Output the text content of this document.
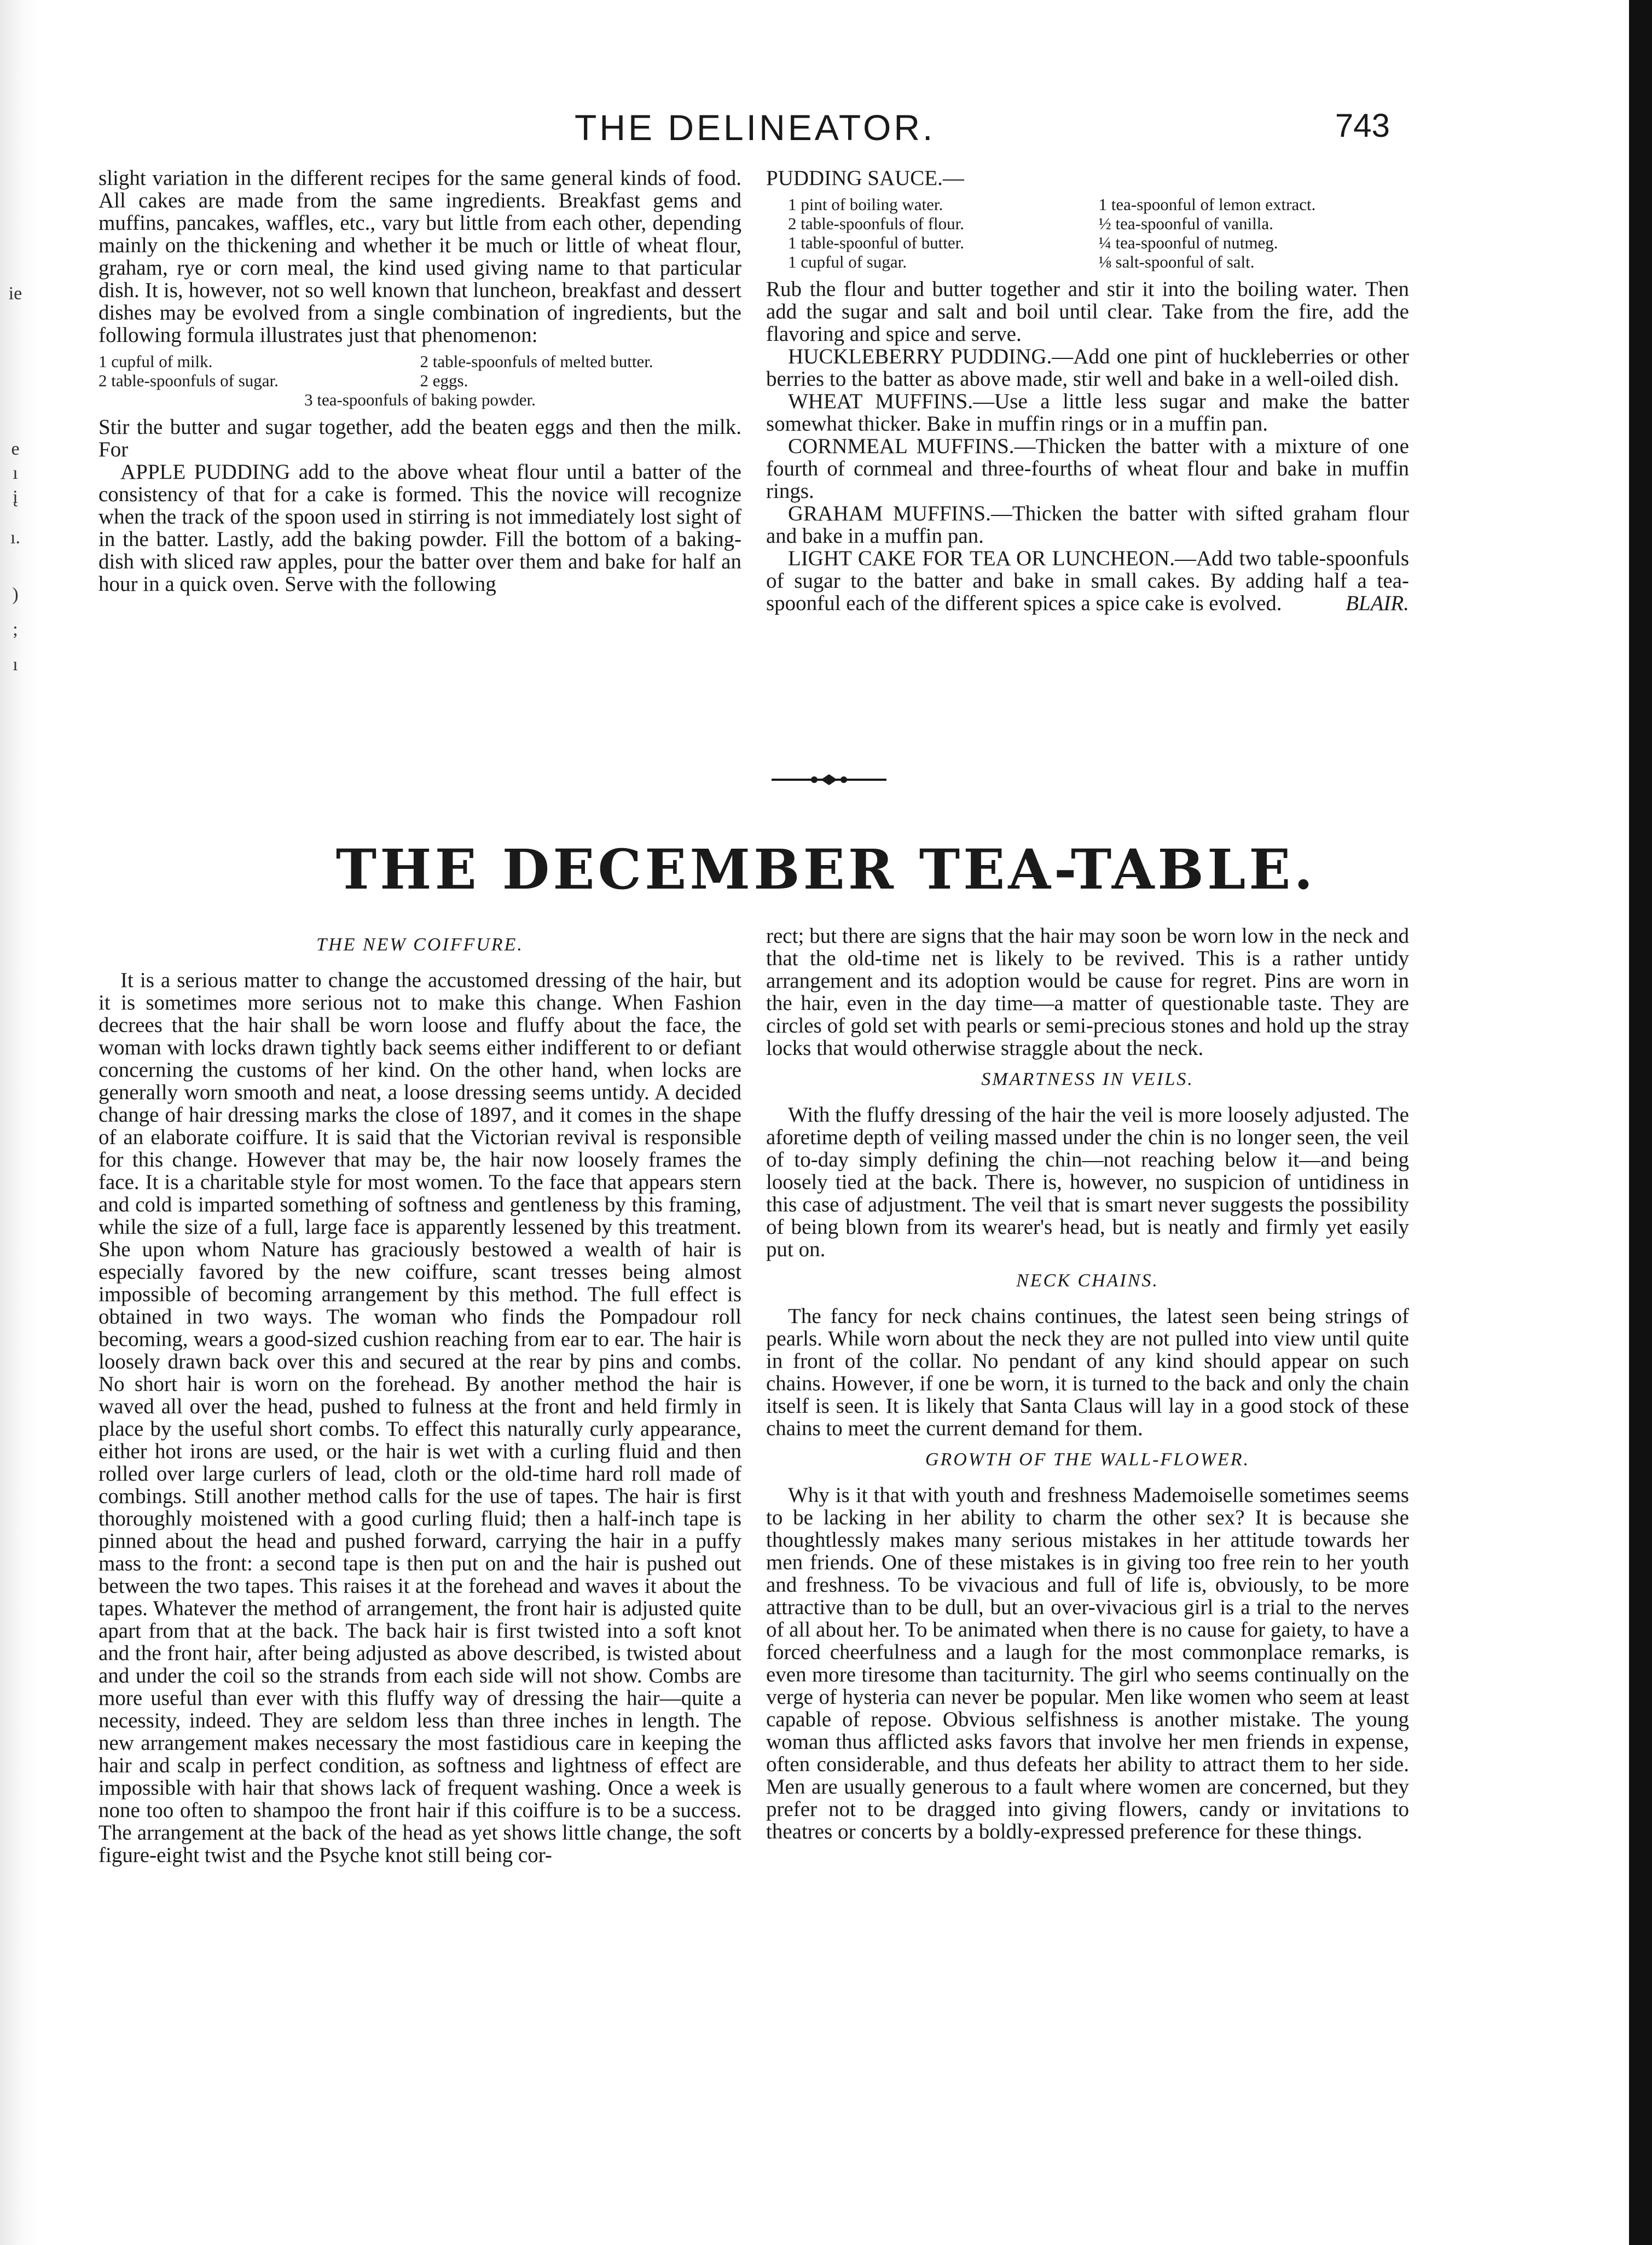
ie
e
ı
į
ı.
)
;
ı
THE DELINEATOR.	743

slight variation in the different recipes for the same general kinds of food. All cakes are made from the same ingredients. Breakfast gems and muffins, pancakes, waffles, etc., vary but little from each other, depending mainly on the thickening and whether it be much or little of wheat flour, graham, rye or corn meal, the kind used giving name to that particular dish. It is, however, not so well known that luncheon, breakfast and dessert dishes may be evolved from a single combination of ingredients, but the following formula illustrates just that phenomenon:

1 cupful of milk.	2 table-spoonfuls of melted butter.
2 table-spoonfuls of sugar.	2 eggs.
3 tea-spoonfuls of baking powder.

Stir the butter and sugar together, add the beaten eggs and then the milk. For

APPLE PUDDING add to the above wheat flour until a batter of the consistency of that for a cake is formed. This the novice will recognize when the track of the spoon used in stirring is not immediately lost sight of in the batter. Lastly, add the baking powder. Fill the bottom of a baking-dish with sliced raw apples, pour the batter over them and bake for half an hour in a quick oven. Serve with the following

PUDDING SAUCE.—

1 pint of boiling water.	1 tea-spoonful of lemon extract.
2 table-spoonfuls of flour.	½ tea-spoonful of vanilla.
1 table-spoonful of butter.	¼ tea-spoonful of nutmeg.
1 cupful of sugar.	⅛ salt-spoonful of salt.

Rub the flour and butter together and stir it into the boiling water. Then add the sugar and salt and boil until clear. Take from the fire, add the flavoring and spice and serve.

HUCKLEBERRY PUDDING.—Add one pint of huckleberries or other berries to the batter as above made, stir well and bake in a well-oiled dish.

WHEAT MUFFINS.—Use a little less sugar and make the batter somewhat thicker. Bake in muffin rings or in a muffin pan.

CORNMEAL MUFFINS.—Thicken the batter with a mixture of one fourth of cornmeal and three-fourths of wheat flour and bake in muffin rings.

GRAHAM MUFFINS.—Thicken the batter with sifted graham flour and bake in a muffin pan.

LIGHT CAKE FOR TEA OR LUNCHEON.—Add two table-spoonfuls of sugar to the batter and bake in small cakes. By adding half a tea-spoonful each of the different spices a spice cake is evolved.	BLAIR.

THE DECEMBER TEA-TABLE.
THE NEW COIFFURE.

It is a serious matter to change the accustomed dressing of the hair, but it is sometimes more serious not to make this change. When Fashion decrees that the hair shall be worn loose and fluffy about the face, the woman with locks drawn tightly back seems either indifferent to or defiant concerning the customs of her kind. On the other hand, when locks are generally worn smooth and neat, a loose dressing seems untidy. A decided change of hair dressing marks the close of 1897, and it comes in the shape of an elaborate coiffure. It is said that the Victorian revival is responsible for this change. However that may be, the hair now loosely frames the face. It is a charitable style for most women. To the face that appears stern and cold is imparted something of softness and gentleness by this framing, while the size of a full, large face is apparently lessened by this treatment. She upon whom Nature has graciously bestowed a wealth of hair is especially favored by the new coiffure, scant tresses being almost impossible of becoming arrangement by this method. The full effect is obtained in two ways. The woman who finds the Pompadour roll becoming, wears a good-sized cushion reaching from ear to ear. The hair is loosely drawn back over this and secured at the rear by pins and combs. No short hair is worn on the forehead. By another method the hair is waved all over the head, pushed to fulness at the front and held firmly in place by the useful short combs. To effect this naturally curly appearance, either hot irons are used, or the hair is wet with a curling fluid and then rolled over large curlers of lead, cloth or the old-time hard roll made of combings. Still another method calls for the use of tapes. The hair is first thoroughly moistened with a good curling fluid; then a half-inch tape is pinned about the head and pushed forward, carrying the hair in a puffy mass to the front: a second tape is then put on and the hair is pushed out between the two tapes. This raises it at the forehead and waves it about the tapes. Whatever the method of arrangement, the front hair is adjusted quite apart from that at the back. The back hair is first twisted into a soft knot and the front hair, after being adjusted as above described, is twisted about and under the coil so the strands from each side will not show. Combs are more useful than ever with this fluffy way of dressing the hair—quite a necessity, indeed. They are seldom less than three inches in length. The new arrangement makes necessary the most fastidious care in keeping the hair and scalp in perfect condition, as softness and lightness of effect are impossible with hair that shows lack of frequent washing. Once a week is none too often to shampoo the front hair if this coiffure is to be a success. The arrangement at the back of the head as yet shows little change, the soft figure-eight twist and the Psyche knot still being cor-

rect; but there are signs that the hair may soon be worn low in the neck and that the old-time net is likely to be revived. This is a rather untidy arrangement and its adoption would be cause for regret. Pins are worn in the hair, even in the day time—a matter of questionable taste. They are circles of gold set with pearls or semi-precious stones and hold up the stray locks that would otherwise straggle about the neck.

SMARTNESS IN VEILS.

With the fluffy dressing of the hair the veil is more loosely adjusted. The aforetime depth of veiling massed under the chin is no longer seen, the veil of to-day simply defining the chin—not reaching below it—and being loosely tied at the back. There is, however, no suspicion of untidiness in this case of adjustment. The veil that is smart never suggests the possibility of being blown from its wearer's head, but is neatly and firmly yet easily put on.

NECK CHAINS.

The fancy for neck chains continues, the latest seen being strings of pearls. While worn about the neck they are not pulled into view until quite in front of the collar. No pendant of any kind should appear on such chains. However, if one be worn, it is turned to the back and only the chain itself is seen. It is likely that Santa Claus will lay in a good stock of these chains to meet the current demand for them.

GROWTH OF THE WALL-FLOWER.

Why is it that with youth and freshness Mademoiselle sometimes seems to be lacking in her ability to charm the other sex? It is because she thoughtlessly makes many serious mistakes in her attitude towards her men friends. One of these mistakes is in giving too free rein to her youth and freshness. To be vivacious and full of life is, obviously, to be more attractive than to be dull, but an over-vivacious girl is a trial to the nerves of all about her. To be animated when there is no cause for gaiety, to have a forced cheerfulness and a laugh for the most commonplace remarks, is even more tiresome than taciturnity. The girl who seems continually on the verge of hysteria can never be popular. Men like women who seem at least capable of repose. Obvious selfishness is another mistake. The young woman thus afflicted asks favors that involve her men friends in expense, often considerable, and thus defeats her ability to attract them to her side. Men are usually generous to a fault where women are concerned, but they prefer not to be dragged into giving flowers, candy or invitations to theatres or concerts by a boldly-expressed preference for these things.
